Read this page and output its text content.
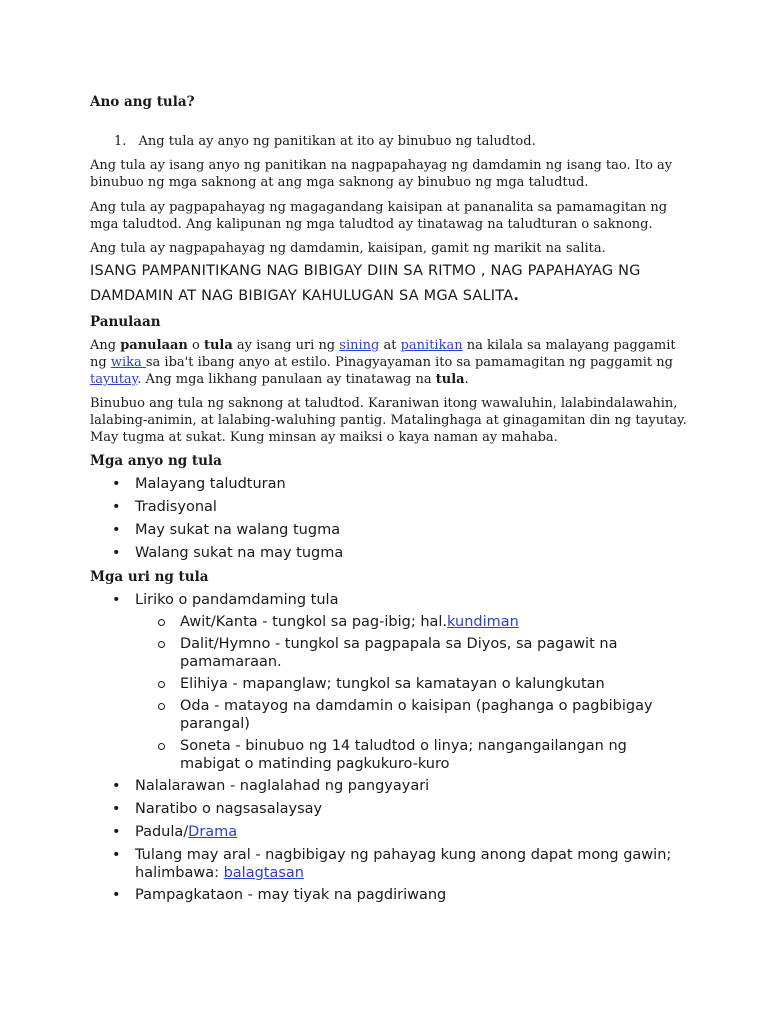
Ano ang tula?
1. Ang tula ay anyo ng panitikan at ito ay binubuo ng taludtod.
Ang tula ay isang anyo ng panitikan na nagpapahayag ng damdamin ng isang tao. Ito ay binubuo ng mga saknong at ang mga saknong ay binubuo ng mga taludtud.
Ang tula ay pagpapahayag ng magagandang kaisipan at pananalita sa pamamagitan ng mga taludtod. Ang kalipunan ng mga taludtod ay tinatawag na taludturan o saknong.
Ang tula ay nagpapahayag ng damdamin, kaisipan, gamit ng marikit na salita.
ISANG PAMPANITIKANG NAG BIBIGAY DIIN SA RITMO , NAG PAPAHAYAG NG
DAMDAMIN AT NAG BIBIGAY KAHULUGAN SA MGA SALITA.
Panulaan
Ang panulaan o tula ay isang uri ng sining at panitikan na kilala sa malayang paggamit ng wika sa iba't ibang anyo at estilo. Pinagyayaman ito sa pamamagitan ng paggamit ng tayutay. Ang mga likhang panulaan ay tinatawag na tula.
Binubuo ang tula ng saknong at taludtod. Karaniwan itong wawaluhin, lalabindalawahin, lalabing-animin, at lalabing-waluhing pantig. Matalinghaga at ginagamitan din ng tayutay. May tugma at sukat. Kung minsan ay maiksi o kaya naman ay mahaba.
Mga anyo ng tula
• Malayang taludturan
• Tradisyonal
• May sukat na walang tugma
• Walang sukat na may tugma
Mga uri ng tula
• Liriko o pandamdaming tula
Awit/Kanta - tungkol sa pag-ibig; hal.kundiman
Dalit/Hymno - tungkol sa pagpapala sa Diyos, sa pagawit na pamamaraan.
Elihiya - mapanglaw; tungkol sa kamatayan o kalungkutan
Oda - matayog na damdamin o kaisipan (paghanga o pagbibigay parangal)
Soneta - binubuo ng 14 taludtod o linya; nangangailangan ng mabigat o matinding pagkukuro-kuro
• Nalalarawan - naglalahad ng pangyayari
• Naratibo o nagsasalaysay
• Padula/Drama
• Tulang may aral - nagbibigay ng pahayag kung anong dapat mong gawin; halimbawa: balagtasan
• Pampagkataon - may tiyak na pagdiriwang
